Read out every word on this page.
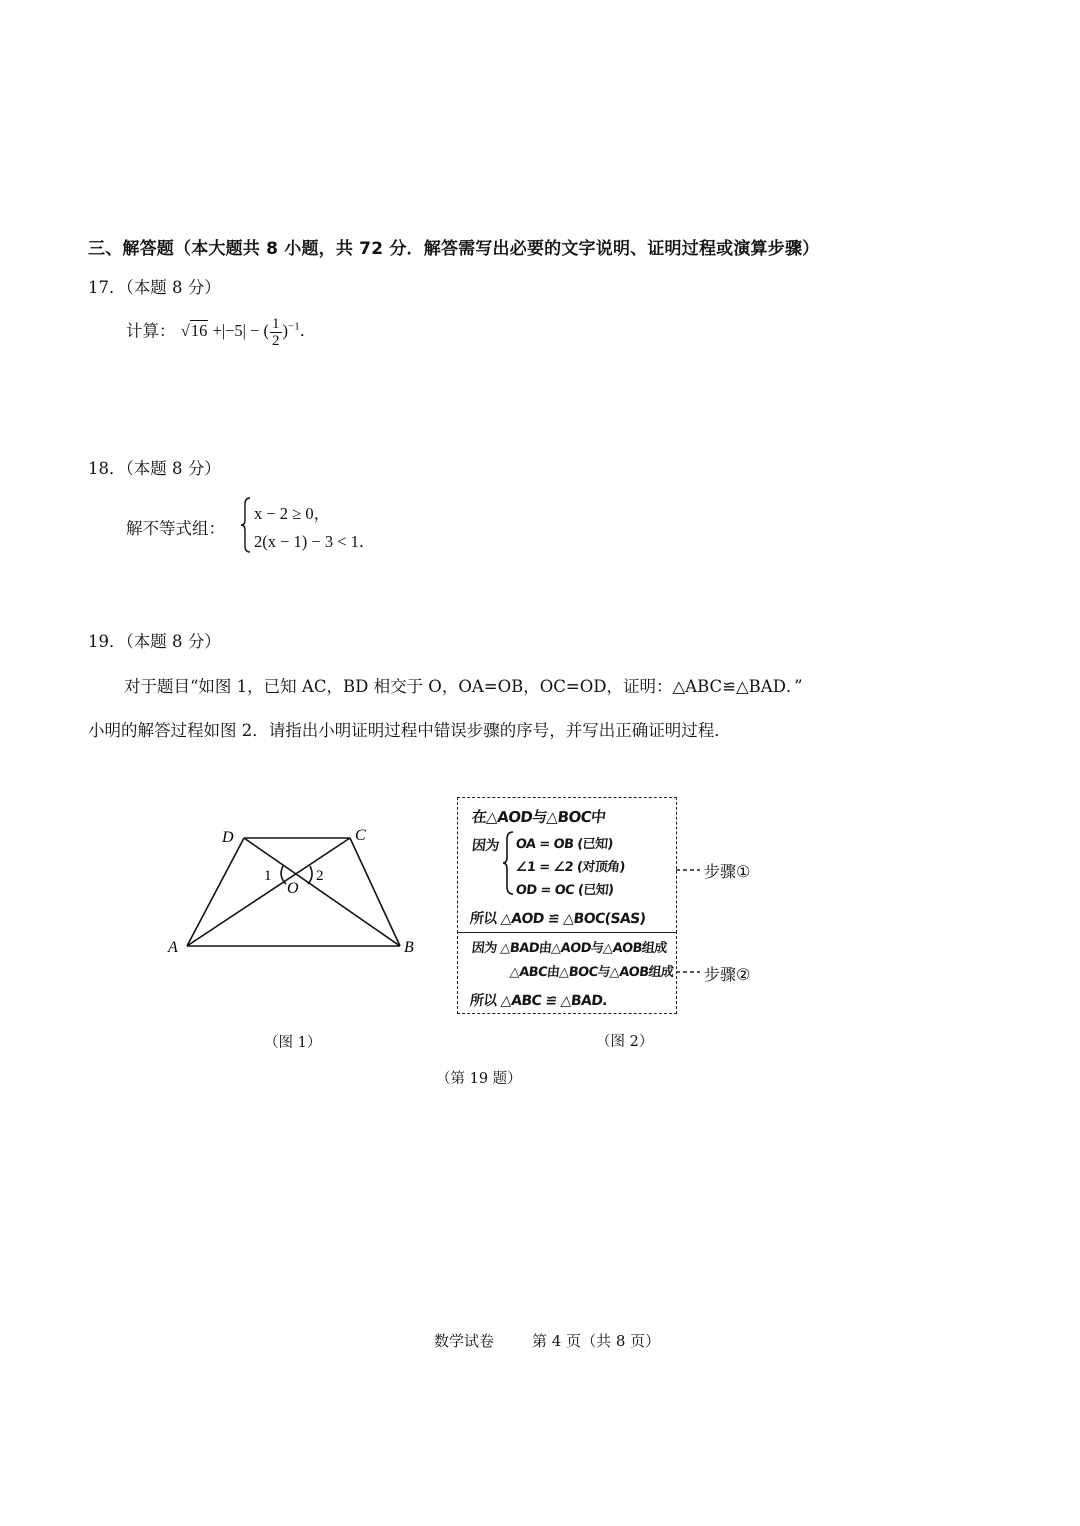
三、解答题（本大题共 8 小题，共 72 分．解答需写出必要的文字说明、证明过程或演算步骤）
17．（本题 8 分）
计算： √16 +|−5| − ( $\frac{1}{2} )^{-1}$．
18．（本题 8 分）
解不等式组：
x − 2 ≥ 0，
2(x − 1) − 3 < 1．
19．（本题 8 分）
对于题目“如图 1，已知 AC，BD 相交于 O，OA=OB，OC=OD，证明：△ABC≌△BAD．”
小明的解答过程如图 2．请指出小明证明过程中错误步骤的序号，并写出正确证明过程．
A	B
C
D
O
1	2
（图 1）
在△AOD与△BOC中
因为 OA = OB (已知)
∠1 = ∠2 (对顶角)
OD = OC (已知)
所以 △AOD ≌ △BOC(SAS)
因为 △BAD由△AOD与△AOB组成
△ABC由△BOC与△AOB组成
所以 △ABC ≌ △BAD.
步骤①
步骤②
（图 2）
（第 19 题）
数学试卷	第 4 页（共 8 页）
